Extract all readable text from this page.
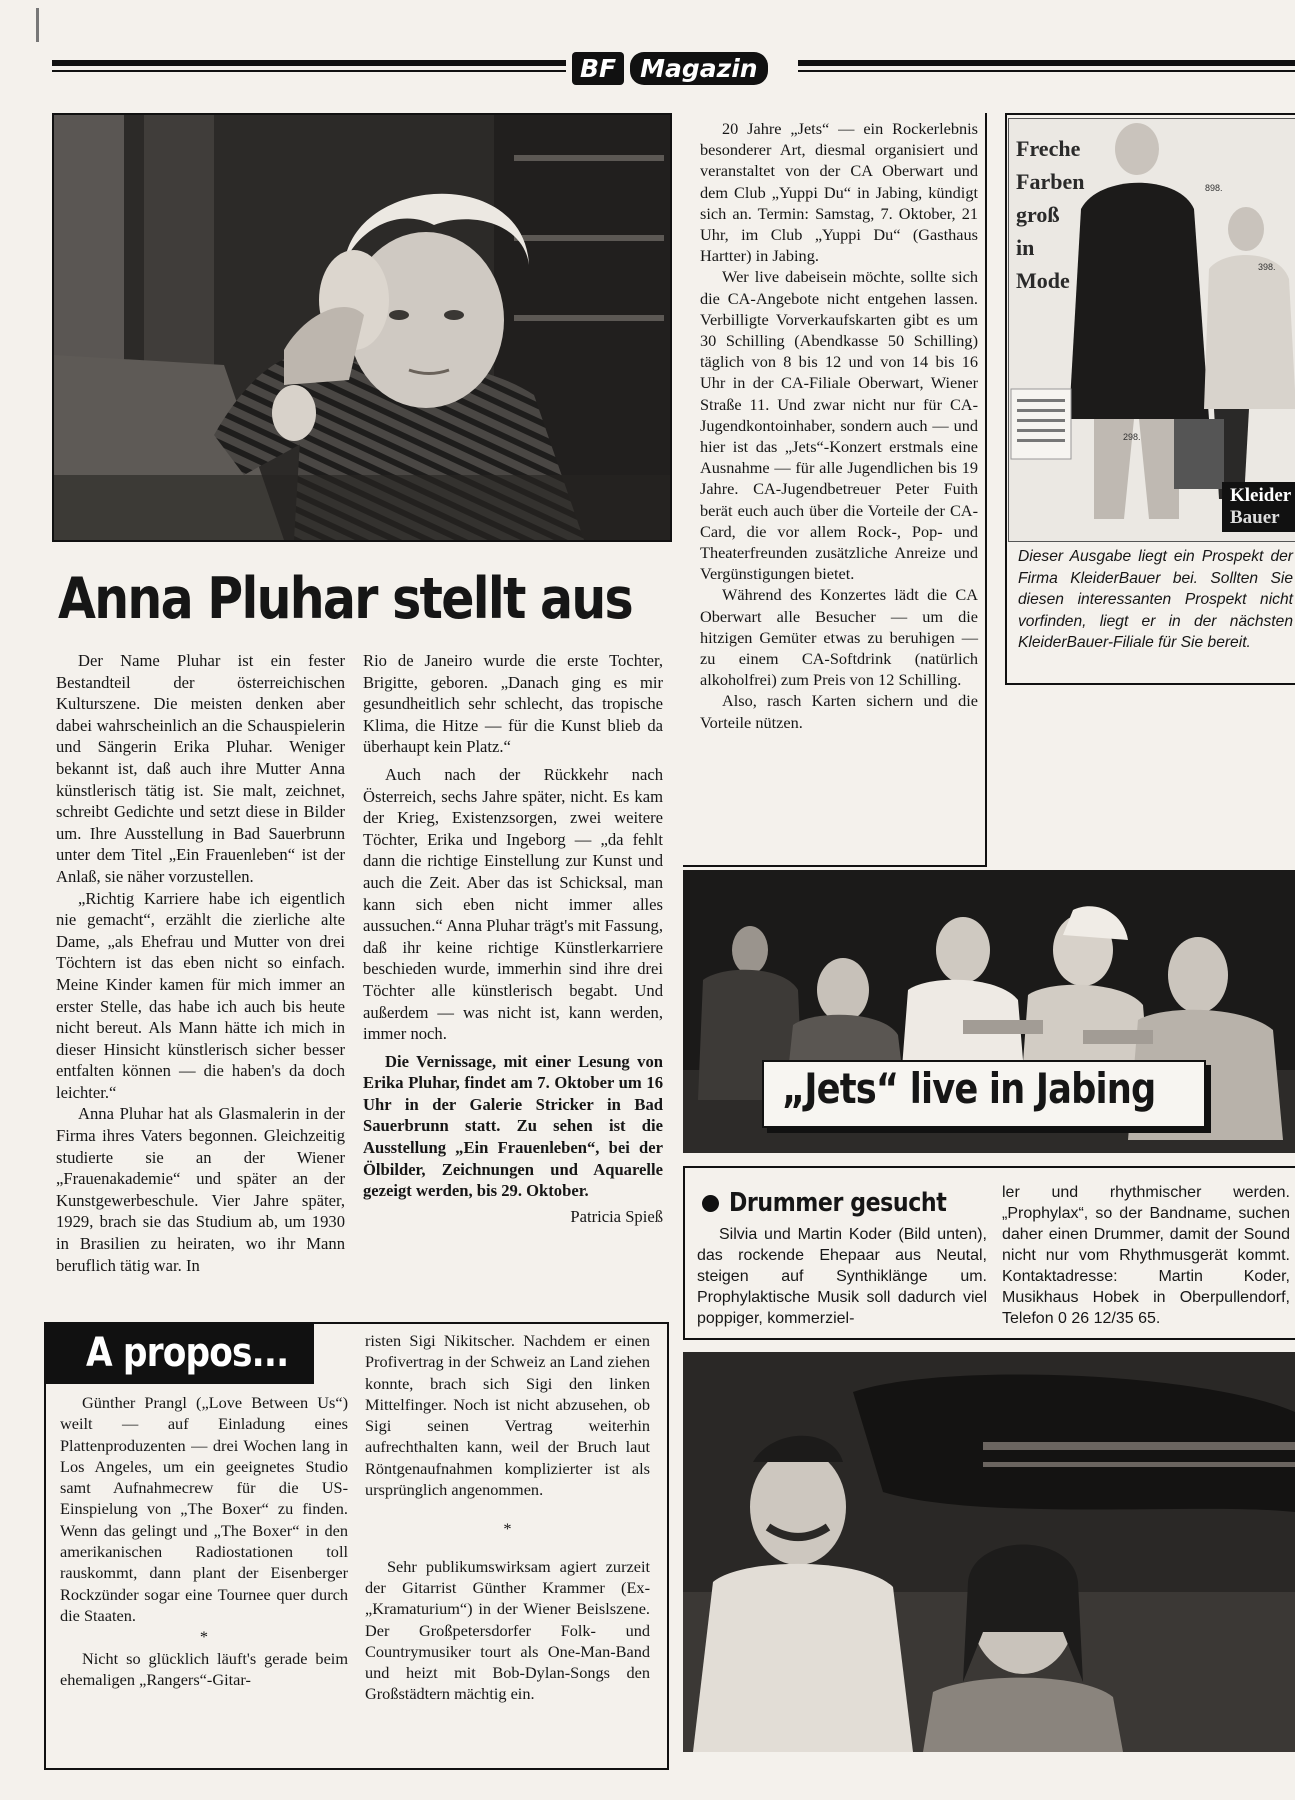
BF Magazin
Anna Pluhar stellt aus

Der Name Pluhar ist ein fester Bestandteil der österreichischen Kulturszene. Die meisten denken aber dabei wahrscheinlich an die Schauspielerin und Sängerin Erika Pluhar. Weniger bekannt ist, daß auch ihre Mutter Anna künstlerisch tätig ist. Sie malt, zeichnet, schreibt Gedichte und setzt diese in Bilder um. Ihre Ausstellung in Bad Sauerbrunn unter dem Titel „Ein Frauenleben“ ist der Anlaß, sie näher vorzustellen.

„Richtig Karriere habe ich eigentlich nie gemacht“, erzählt die zierliche alte Dame, „als Ehefrau und Mutter von drei Töchtern ist das eben nicht so einfach. Meine Kinder kamen für mich immer an erster Stelle, das habe ich auch bis heute nicht bereut. Als Mann hätte ich mich in dieser Hinsicht künstlerisch sicher besser entfalten können — die haben's da doch leichter.“

Anna Pluhar hat als Glasmalerin in der Firma ihres Vaters begonnen. Gleichzeitig studierte sie an der Wiener „Frauenakademie“ und später an der Kunstgewerbeschule. Vier Jahre später, 1929, brach sie das Studium ab, um 1930 in Brasilien zu heiraten, wo ihr Mann beruflich tätig war. In

Rio de Janeiro wurde die erste Tochter, Brigitte, geboren. „Danach ging es mir gesundheitlich sehr schlecht, das tropische Klima, die Hitze — für die Kunst blieb da überhaupt kein Platz.“

Auch nach der Rückkehr nach Österreich, sechs Jahre später, nicht. Es kam der Krieg, Existenzsorgen, zwei weitere Töchter, Erika und Ingeborg — „da fehlt dann die richtige Einstellung zur Kunst und auch die Zeit. Aber das ist Schicksal, man kann sich eben nicht immer alles aussuchen.“ Anna Pluhar trägt's mit Fassung, daß ihr keine richtige Künstlerkarriere beschieden wurde, immerhin sind ihre drei Töchter alle künstlerisch begabt. Und außerdem — was nicht ist, kann werden, immer noch.

Die Vernissage, mit einer Lesung von Erika Pluhar, findet am 7. Oktober um 16 Uhr in der Galerie Stricker in Bad Sauerbrunn statt. Zu sehen ist die Ausstellung „Ein Frauenleben“, bei der Ölbilder, Zeichnungen und Aquarelle gezeigt werden, bis 29. Oktober.

Patricia Spieß

20 Jahre „Jets“ — ein Rockerlebnis besonderer Art, diesmal organisiert und veranstaltet von der CA Oberwart und dem Club „Yuppi Du“ in Jabing, kündigt sich an. Termin: Samstag, 7. Oktober, 21 Uhr, im Club „Yuppi Du“ (Gasthaus Hartter) in Jabing.

Wer live dabeisein möchte, sollte sich die CA-Angebote nicht entgehen lassen. Verbilligte Vorverkaufskarten gibt es um 30 Schilling (Abendkasse 50 Schilling) täglich von 8 bis 12 und von 14 bis 16 Uhr in der CA-Filiale Oberwart, Wiener Straße 11. Und zwar nicht nur für CA-Jugendkontoinhaber, sondern auch — und hier ist das „Jets“-Konzert erstmals eine Ausnahme — für alle Jugendlichen bis 19 Jahre. CA-Jugendbetreuer Peter Fuith berät euch auch über die Vorteile der CA-Card, die vor allem Rock-, Pop- und Theaterfreunden zusätzliche Anreize und Vergünstigungen bietet.

Während des Konzertes lädt die CA Oberwart alle Besucher — um die hitzigen Gemüter etwas zu beruhigen — zu einem CA-Softdrink (natürlich alkoholfrei) zum Preis von 12 Schilling.

Also, rasch Karten sichern und die Vorteile nützen.

Freche
Farben
groß
in
Mode
898.
298.
398.
Kleider
Bauer
Dieser Ausgabe liegt ein Prospekt der Firma KleiderBauer bei. Sollten Sie diesen interessanten Prospekt nicht vorfinden, liegt er in der nächsten KleiderBauer-Filiale für Sie bereit.
„Jets“ live in Jabing
A propos...

Günther Prangl („Love Between Us“) weilt — auf Einladung eines Plattenproduzenten — drei Wochen lang in Los Angeles, um ein geeignetes Studio samt Aufnahmecrew für die US-Einspielung von „The Boxer“ zu finden. Wenn das gelingt und „The Boxer“ in den amerikanischen Radiostationen toll rauskommt, dann plant der Eisenberger Rockzünder sogar eine Tournee quer durch die Staaten.

*

Nicht so glücklich läuft's gerade beim ehemaligen „Rangers“-Gitar-

risten Sigi Nikitscher. Nachdem er einen Profivertrag in der Schweiz an Land ziehen konnte, brach sich Sigi den linken Mittelfinger. Noch ist nicht abzusehen, ob Sigi seinen Vertrag weiterhin aufrechthalten kann, weil der Bruch laut Röntgenaufnahmen komplizierter ist als ursprünglich angenommen.

*

Sehr publikumswirksam agiert zurzeit der Gitarrist Günther Krammer (Ex-„Kramaturium“) in der Wiener Beislszene. Der Großpetersdorfer Folk- und Countrymusiker tourt als One-Man-Band und heizt mit Bob-Dylan-Songs den Großstädtern mächtig ein.

Drummer gesucht
Silvia und Martin Koder (Bild unten), das rockende Ehepaar aus Neutal, steigen auf Synthiklänge um. Prophylaktische Musik soll dadurch viel poppiger, kommerziel-
ler und rhythmischer werden. „Prophylax“, so der Bandname, suchen daher einen Drummer, damit der Sound nicht nur vom Rhythmusgerät kommt. Kontaktadresse: Martin Koder, Musikhaus Hobek in Oberpullendorf, Telefon 0 26 12/35 65.
